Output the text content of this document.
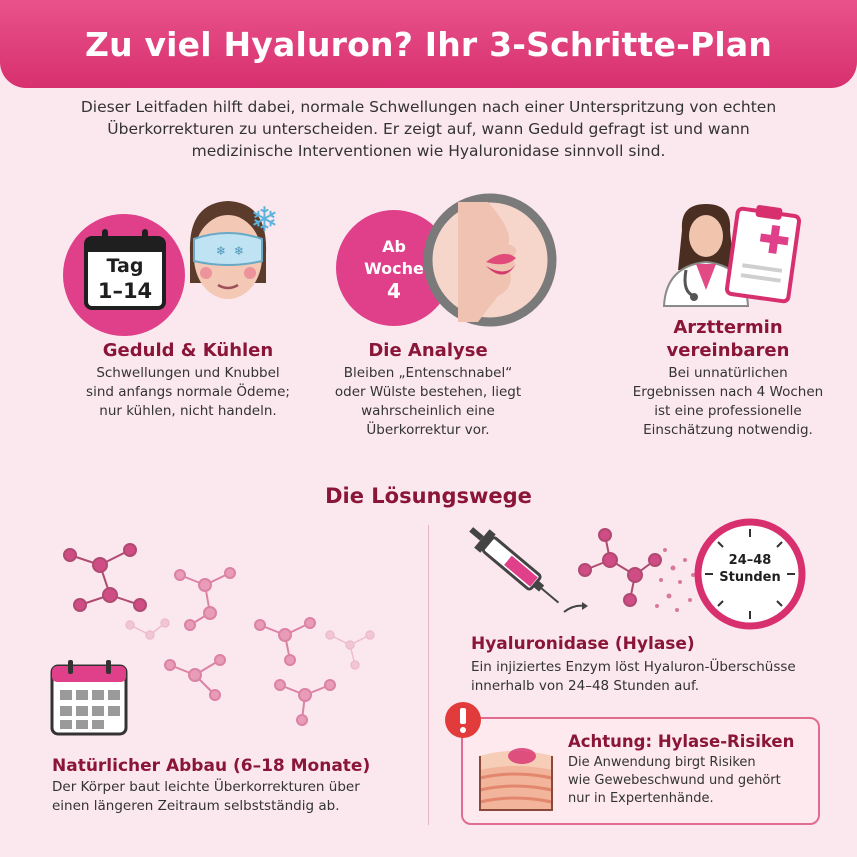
Zu viel Hyaluron? Ihr 3-Schritte-Plan
Dieser Leitfaden hilft dabei, normale Schwellungen nach einer Unterspritzung von echten
Überkorrekturen zu unterscheiden. Er zeigt auf, wann Geduld gefragt ist und wann
medizinische Interventionen wie Hyaluronidase sinnvoll sind.
Tag
1–14
❄ ❄
❄
Geduld & Kühlen
Schwellungen und Knubbel
sind anfangs normale Ödeme;
nur kühlen, nicht handeln.
Ab
Woche
4
Die Analyse
Bleiben „Entenschnabel“
oder Wülste bestehen, liegt
wahrscheinlich eine
Überkorrektur vor.
Arzttermin
vereinbaren
Bei unnatürlichen
Ergebnissen nach 4 Wochen
ist eine professionelle
Einschätzung notwendig.
Die Lösungswege
Natürlicher Abbau (6–18 Monate)
Der Körper baut leichte Überkorrekturen über
einen längeren Zeitraum selbstständig ab.
24–48
Stunden
Hyaluronidase (Hylase)
Ein injiziertes Enzym löst Hyaluron-Überschüsse
innerhalb von 24–48 Stunden auf.
Achtung: Hylase-Risiken
Die Anwendung birgt Risiken
wie Gewebeschwund und gehört
nur in Expertenhände.
